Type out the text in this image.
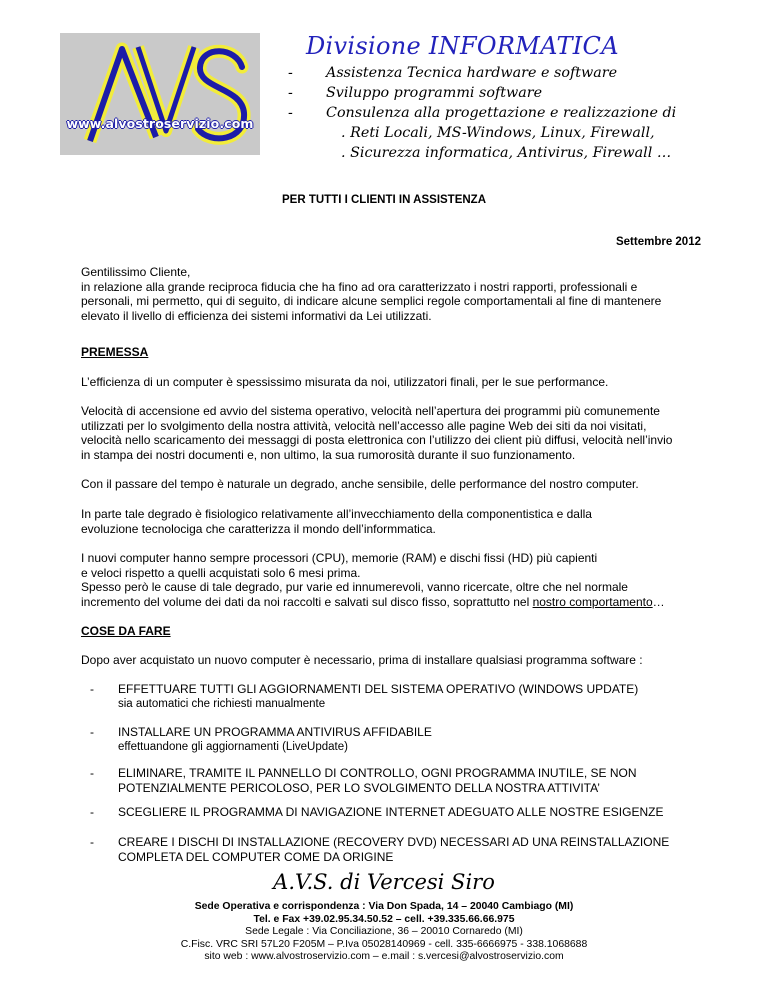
www.alvostroservizio.com
Divisione INFORMATICA
- Assistenza Tecnica hardware e software
- Sviluppo programmi software
- Consulenza alla progettazione e realizzazione di
. Reti Locali, MS-Windows, Linux, Firewall,
. Sicurezza informatica, Antivirus, Firewall …
PER TUTTI I CLIENTI IN ASSISTENZA
Settembre 2012
Gentilissimo Cliente,
in relazione alla grande reciproca fiducia che ha fino ad ora caratterizzato i nostri rapporti, professionali e
personali, mi permetto, qui di seguito, di indicare alcune semplici regole comportamentali al fine di mantenere
elevato il livello di efficienza dei sistemi informativi da Lei utilizzati.
PREMESSA
L’efficienza di un computer è spessissimo misurata da noi, utilizzatori finali, per le sue performance.
Velocità di accensione ed avvio del sistema operativo, velocità nell’apertura dei programmi più comunemente
utilizzati per lo svolgimento della nostra attività, velocità nell’accesso alle pagine Web dei siti da noi visitati,
velocità nello scaricamento dei messaggi di posta elettronica con l’utilizzo dei client più diffusi, velocità nell’invio
in stampa dei nostri documenti e, non ultimo, la sua rumorosità durante il suo funzionamento.
Con il passare del tempo è naturale un degrado, anche sensibile, delle performance del nostro computer.
In parte tale degrado è fisiologico relativamente all’invecchiamento della componentistica e dalla
evoluzione tecnolociga che caratterizza il mondo dell’informmatica.
I nuovi computer hanno sempre processori (CPU), memorie (RAM) e dischi fissi (HD) più capienti
e veloci rispetto a quelli acquistati solo 6 mesi prima.
Spesso però le cause di tale degrado, pur varie ed innumerevoli, vanno ricercate, oltre che nel normale
incremento del volume dei dati da noi raccolti e salvati sul disco fisso, soprattutto nel nostro comportamento…
COSE DA FARE
Dopo aver acquistato un nuovo computer è necessario, prima di installare qualsiasi programma software :
- EFFETTUARE TUTTI GLI AGGIORNAMENTI DEL SISTEMA OPERATIVO (WINDOWS UPDATE)
sia automatici che richiesti manualmente
- INSTALLARE UN PROGRAMMA ANTIVIRUS AFFIDABILE
effettuandone gli aggiornamenti (LiveUpdate)
- ELIMINARE, TRAMITE IL PANNELLO DI CONTROLLO, OGNI PROGRAMMA INUTILE, SE NON
POTENZIALMENTE PERICOLOSO, PER LO SVOLGIMENTO DELLA NOSTRA ATTIVITA’
- SCEGLIERE IL PROGRAMMA DI NAVIGAZIONE INTERNET ADEGUATO ALLE NOSTRE ESIGENZE
- CREARE I DISCHI DI INSTALLAZIONE (RECOVERY DVD) NECESSARI AD UNA REINSTALLAZIONE
COMPLETA DEL COMPUTER COME DA ORIGINE
A.V.S. di Vercesi Siro
Sede Operativa e corrispondenza : Via Don Spada, 14 – 20040 Cambiago (MI)
Tel. e Fax +39.02.95.34.50.52 – cell. +39.335.66.66.975
Sede Legale : Via Conciliazione, 36 – 20010 Cornaredo (MI)
C.Fisc. VRC SRI 57L20 F205M – P.Iva 05028140969 - cell. 335-6666975 - 338.1068688
sito web : www.alvostroservizio.com – e.mail : s.vercesi@alvostroservizio.com
